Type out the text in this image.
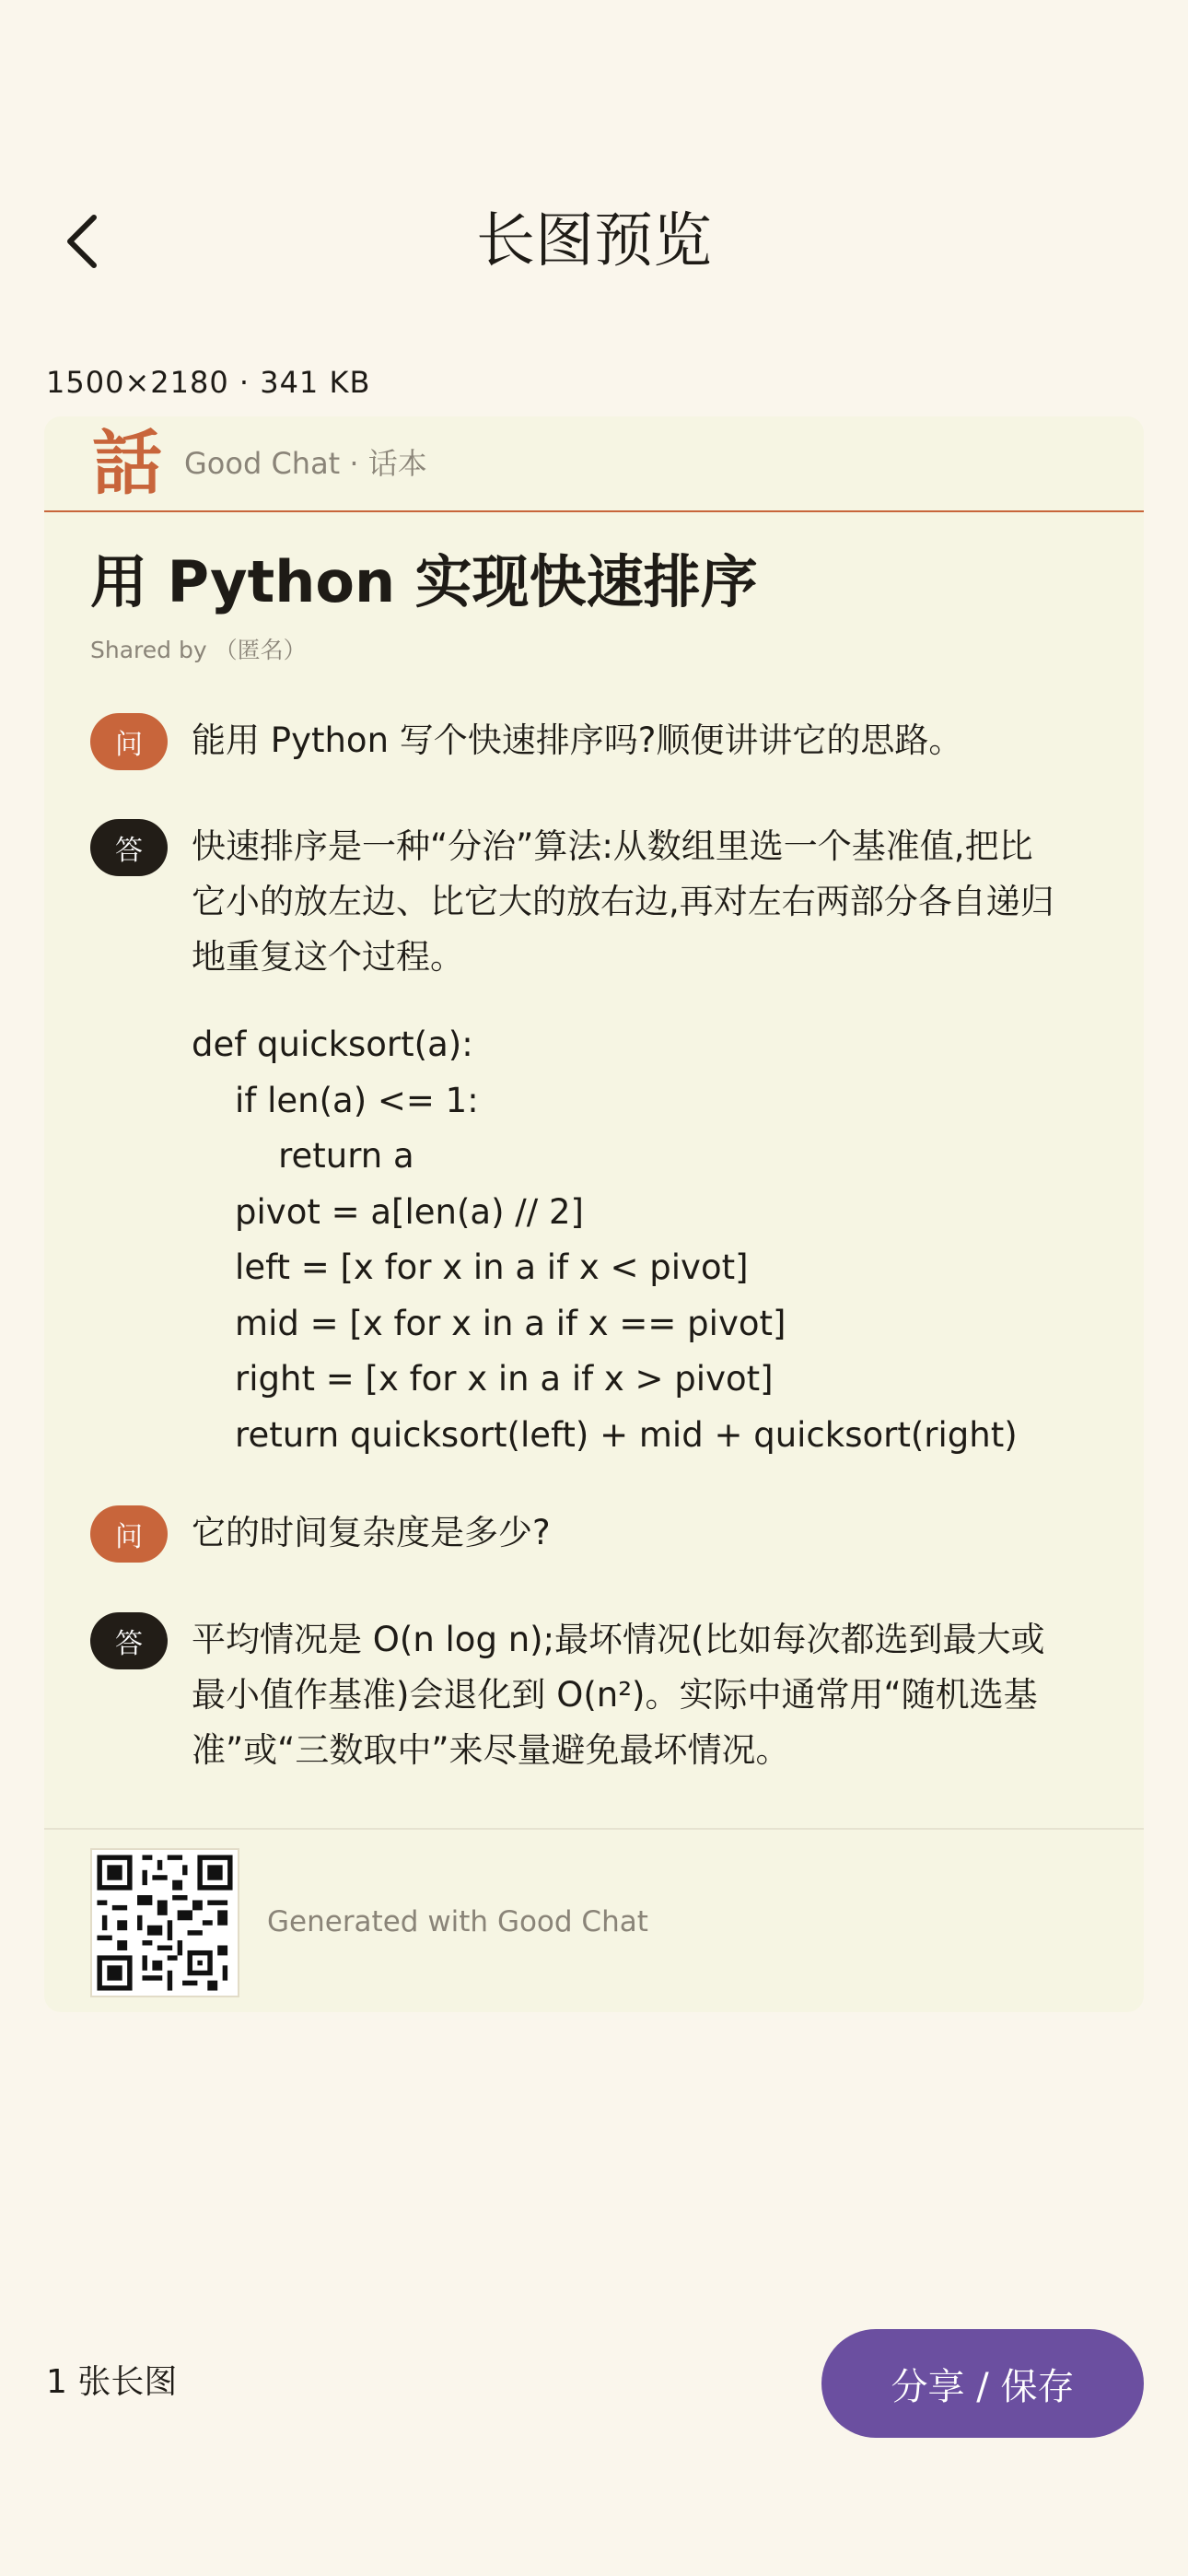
长图预览
1500×2180 · 341 KB
話 Good Chat · 话本
用 Python 实现快速排序
Shared by （匿名）
问	能用 Python 写个快速排序吗?顺便讲讲它的思路。
答	快速排序是一种“分治”算法:从数组里选一个基准值,把比
它小的放左边、比它大的放右边,再对左右两部分各自递归
地重复这个过程。
def quicksort(a):
if len(a) <= 1:
return a
pivot = a[len(a) // 2]
left = [x for x in a if x < pivot]
mid = [x for x in a if x == pivot]
right = [x for x in a if x > pivot]
return quicksort(left) + mid + quicksort(right)
问	它的时间复杂度是多少?
答	平均情况是 O(n log n);最坏情况(比如每次都选到最大或
最小值作基准)会退化到 O(n²)。实际中通常用“随机选基
准”或“三数取中”来尽量避免最坏情况。
Generated with Good Chat
1 张长图	分享 / 保存
